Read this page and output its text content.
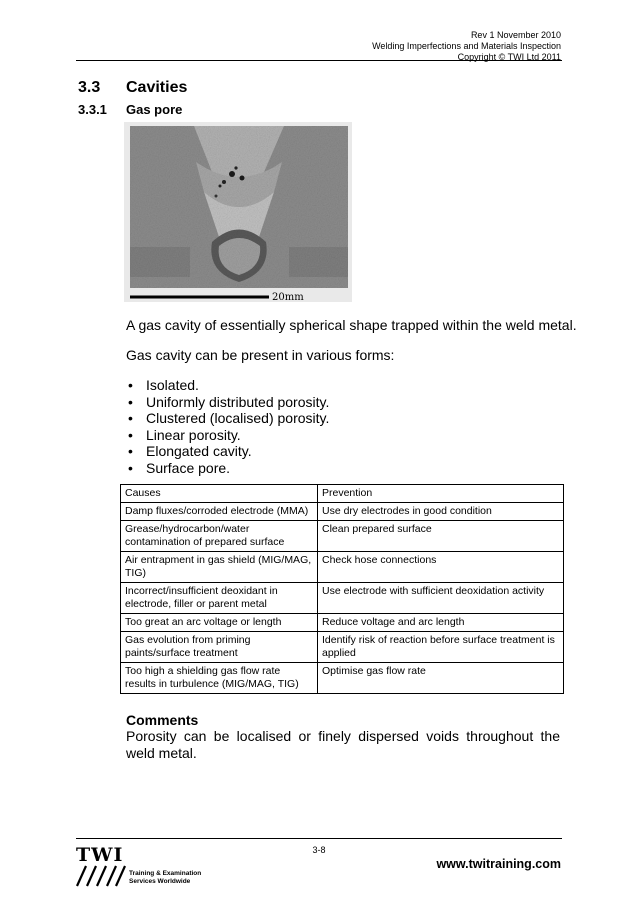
Rev 1 November 2010
Welding Imperfections and Materials Inspection
Copyright © TWI Ltd 2011
3.3 Cavities
3.3.1 Gas pore
20mm
A gas cavity of essentially spherical shape trapped within the weld metal.
Gas cavity can be present in various forms:
• Isolated.
• Uniformly distributed porosity.
• Clustered (localised) porosity.
• Linear porosity.
• Elongated cavity.
• Surface pore.
Causes	Prevention
Damp fluxes/corroded electrode (MMA)	Use dry electrodes in good condition
Grease/hydrocarbon/water contamination of prepared surface	Clean prepared surface
Air entrapment in gas shield (MIG/MAG, TIG)	Check hose connections
Incorrect/insufficient deoxidant in electrode, filler or parent metal	Use electrode with sufficient deoxidation activity
Too great an arc voltage or length	Reduce voltage and arc length
Gas evolution from priming paints/surface treatment	Identify risk of reaction before surface treatment is applied
Too high a shielding gas flow rate results in turbulence (MIG/MAG, TIG)	Optimise gas flow rate
Comments
Porosity can be localised or finely dispersed voids throughout the weld metal.
3-8
www.twitraining.com
TWI
Training & Examination
Services Worldwide
